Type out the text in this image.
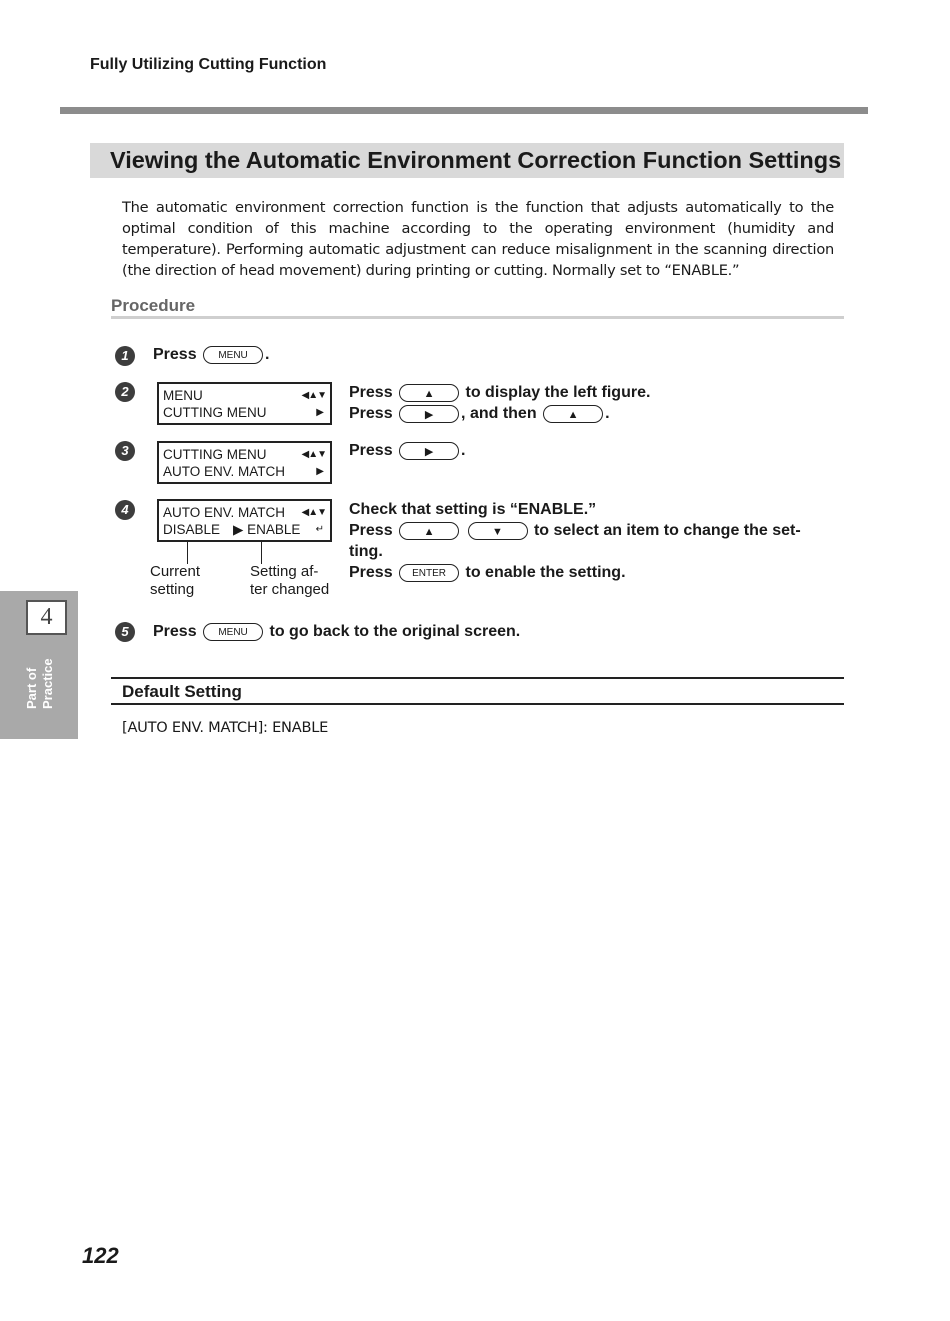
Fully Utilizing Cutting Function
Viewing the Automatic Environment Correction Function Settings
The automatic environment correction function is the function that adjusts automatically to the optimal condition of this machine according to the operating environment (humidity and temperature). Performing automatic adjustment can reduce misalignment in the scanning direction (the direction of head movement) during printing or cutting. Normally set to “ENABLE.”
Procedure
1	Press MENU .
2	MENU	◀▲▼
CUTTING MENU	▶
Press	▲ to display the left figure.
Press	▶ , and then	▲ .
3	CUTTING MENU	◀▲▼
AUTO ENV. MATCH	▶
Press	▶ .
4	AUTO ENV. MATCH ◀▲▼
DISABLE ▶ ENABLE ↵
Current
setting
Setting af-
ter changed
Check that setting is “ENABLE.”
Press	▲	▼ to select an item to change the set-
ting.
Press ENTER to enable the setting.
5	Press MENU to go back to the original screen.
4
Part of Practice	Default Setting
[AUTO ENV. MATCH]: ENABLE
122
